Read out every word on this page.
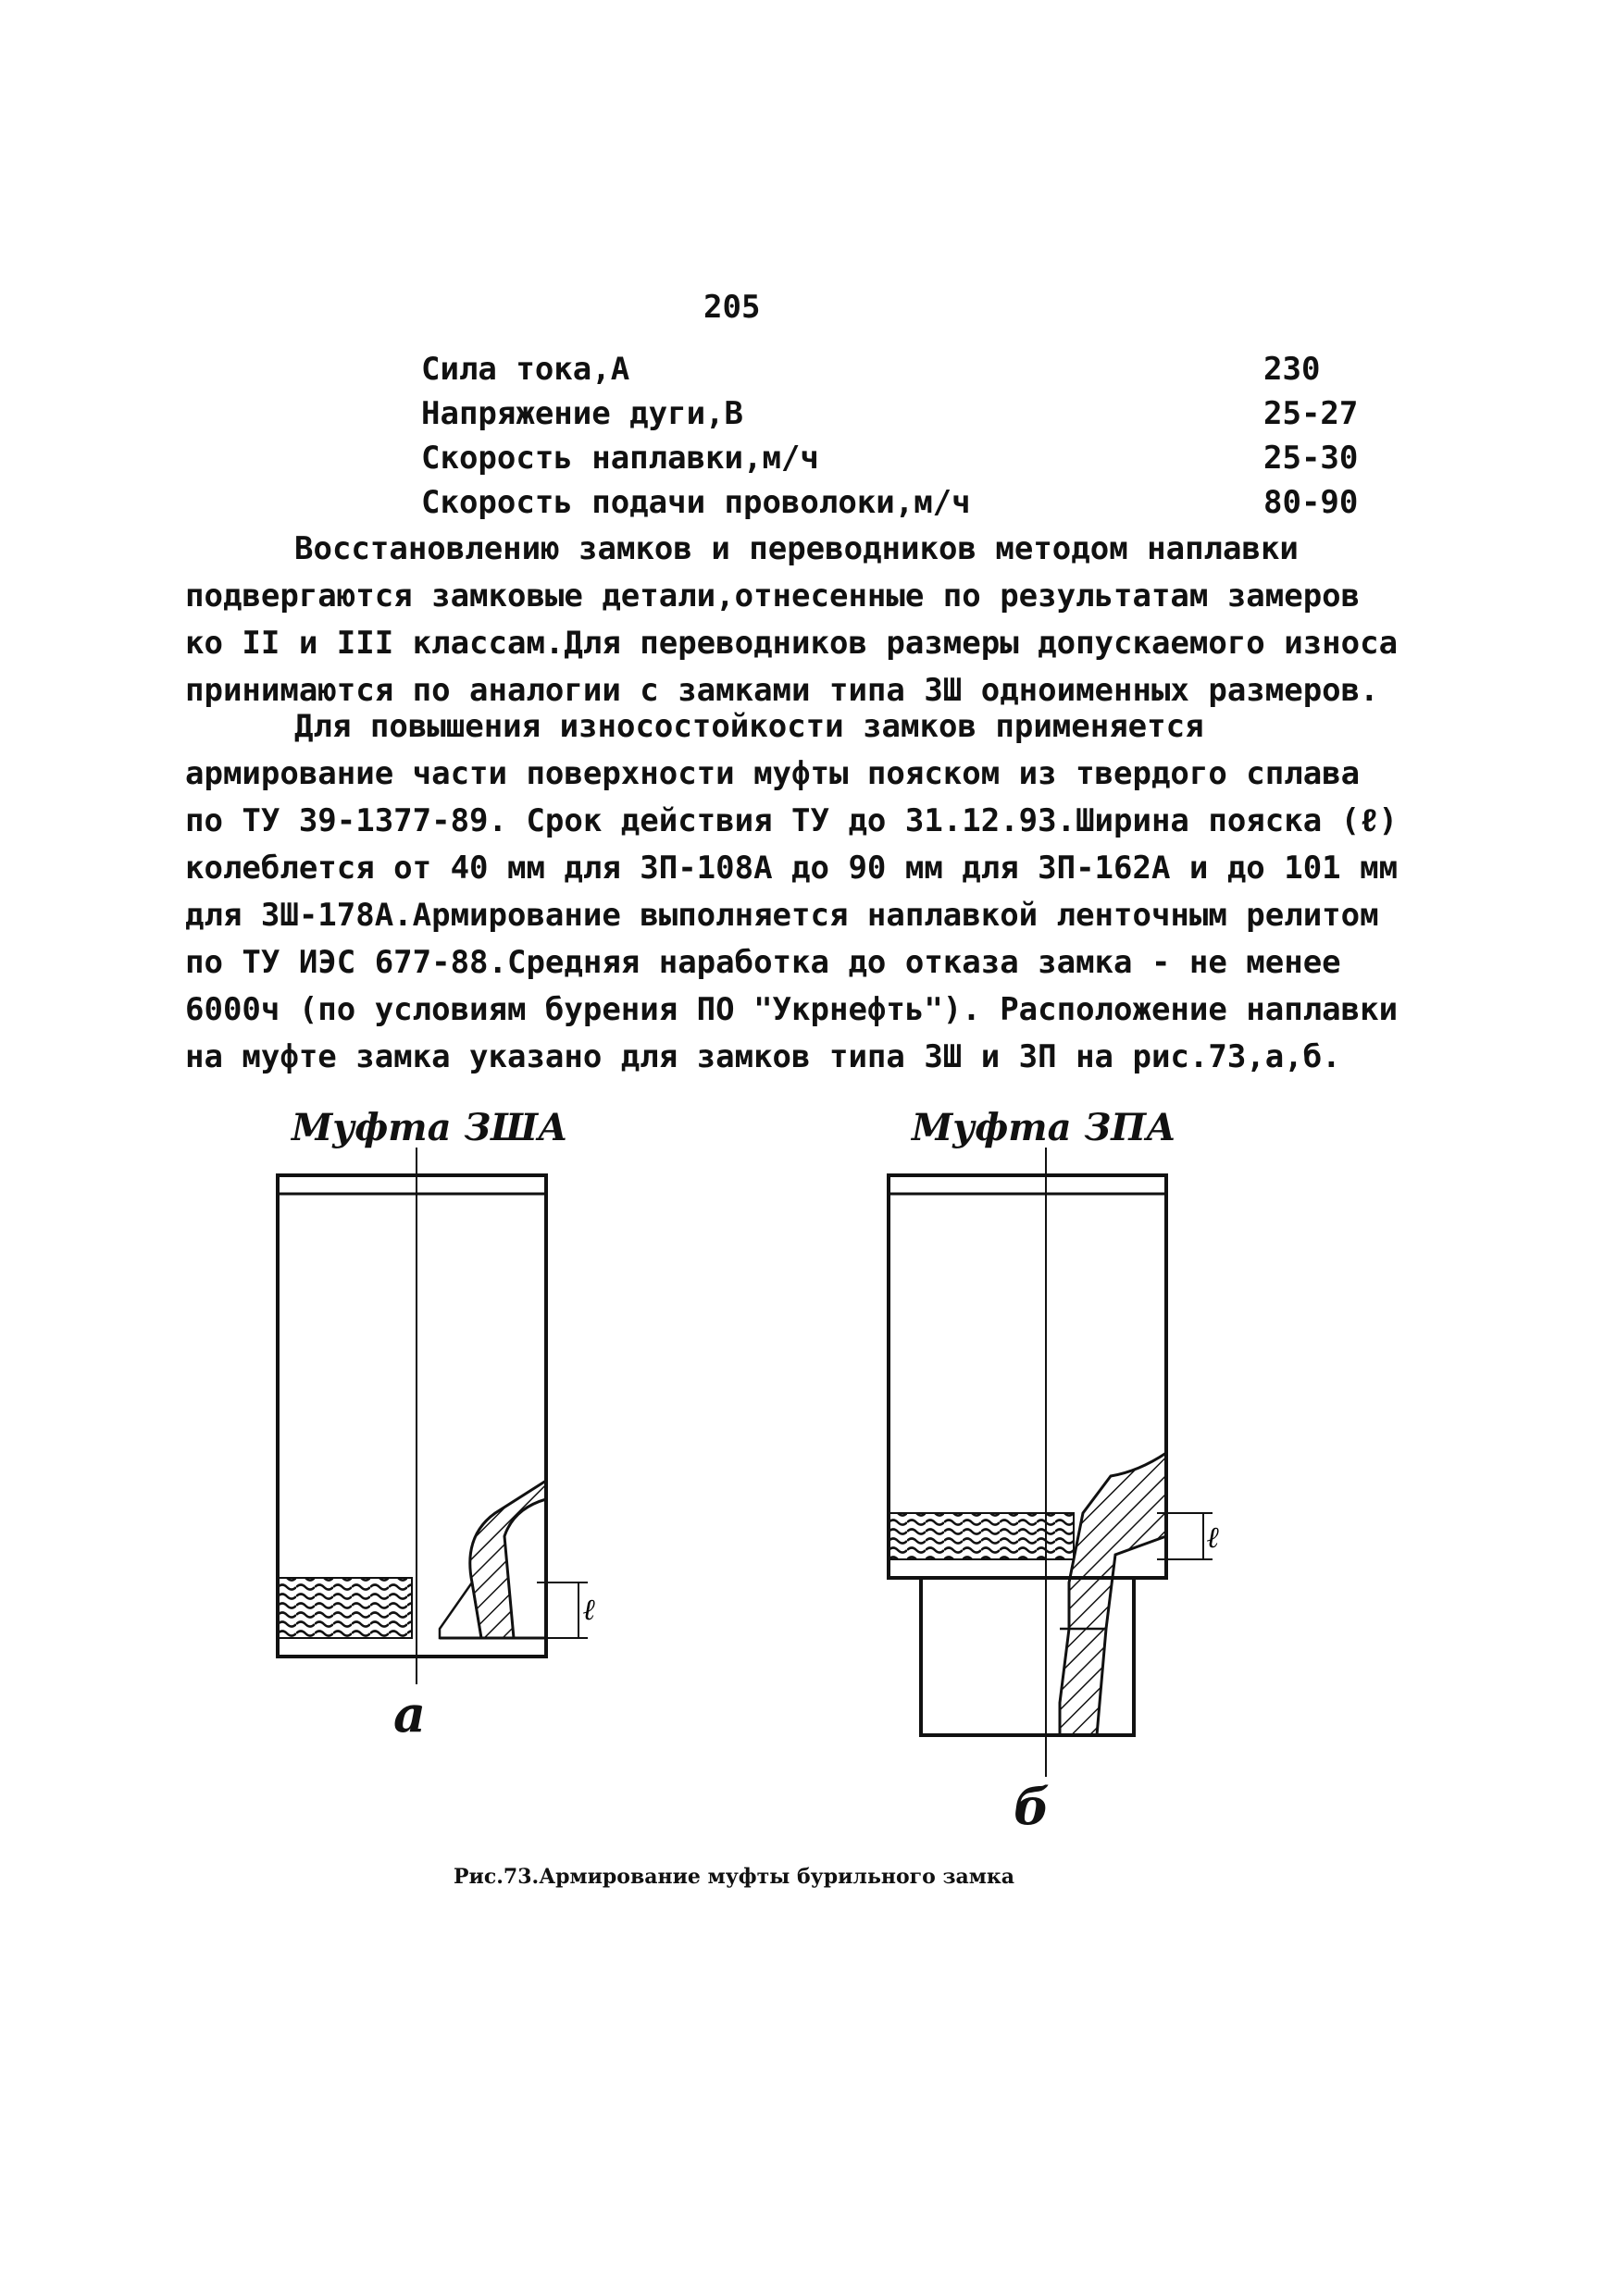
205
Сила тока,А	230
Напряжение дуги,В	25-27
Скорость наплавки,м/ч	25-30
Скорость подачи проволоки,м/ч	80-90

Восстановлению замков и переводников методом наплавки подвергаются замковые детали,отнесенные по результатам замеров ко II и III классам.Для переводников размеры допускаемого износа принимаются по аналогии с замками типа ЗШ одноименных размеров.

Для повышения износостойкости замков применяется армирование части поверхности муфты пояском из твердого сплава по ТУ 39-1377-89. Срок действия ТУ до 31.12.93.Ширина пояска (ℓ) колеблется от 40 мм для ЗП-108А до 90 мм для ЗП-162А и до 101 мм для ЗШ-178А.Армирование выполняется наплавкой ленточным релитом по ТУ ИЭС 677-88.Средняя наработка до отказа замка - не менее 6000ч (по условиям бурения ПО "Укрнефть"). Расположение наплавки на муфте замка указано для замков типа ЗШ и ЗП на рис.73,а,б.

Муфта ЗША
ℓ
а
Муфта ЗПА
ℓ
б
Рис.73.Армирование муфты бурильного замка
